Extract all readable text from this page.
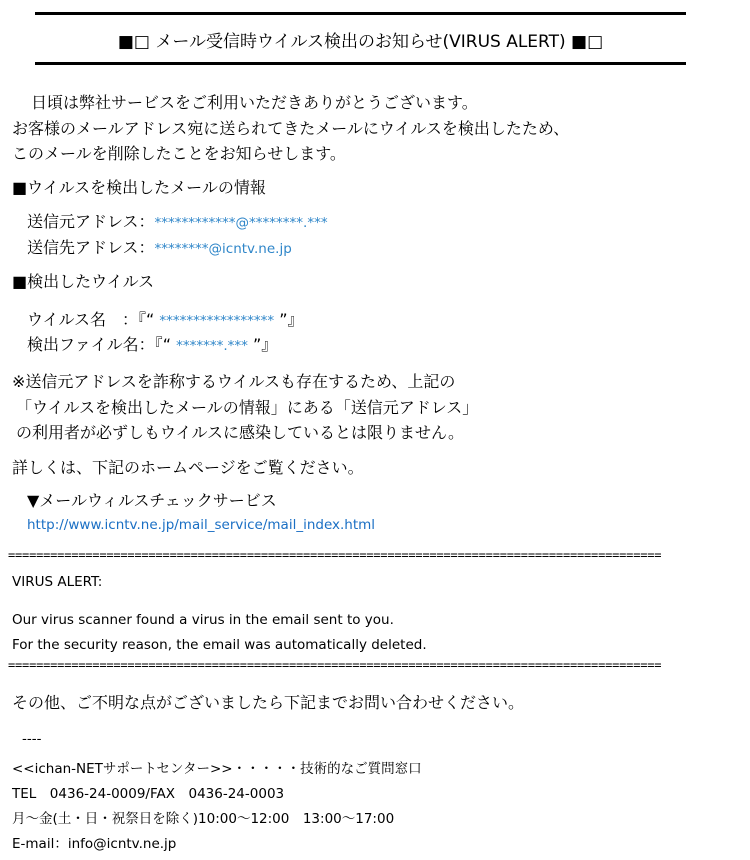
■□ メール受信時ウイルス検出のお知らせ(VIRUS ALERT) ■□
日頃は弊社サービスをご利用いただきありがとうございます。
お客様のメールアドレス宛に送られてきたメールにウイルスを検出したため、
このメールを削除したことをお知らせします。
■ウイルスを検出したメールの情報
送信元アドレス：************@********.***
送信先アドレス：********@icntv.ne.jp
■検出したウイルス
ウイルス名　：『“ ***************** ”』
検出ファイル名：『“ *******.*** ”』
※送信元アドレスを詐称するウイルスも存在するため、上記の
「ウイルスを検出したメールの情報」にある「送信元アドレス」
の利用者が必ずしもウイルスに感染しているとは限りません。
詳しくは、下記のホームページをご覧ください。
▼メールウィルスチェックサービス
http://www.icntv.ne.jp/mail_service/mail_index.html
=============================================================================================
VIRUS ALERT:
Our virus scanner found a virus in the email sent to you.
For the security reason, the email was automatically deleted.
=============================================================================================
その他、ご不明な点がございましたら下記までお問い合わせください。
----
<<ichan-NETサポートセンター>>・・・・・技術的なご質問窓口
TEL　0436-24-0009/FAX　0436-24-0003
月～金(土・日・祝祭日を除く)10:00～12:00　13:00～17:00
E-mail：info@icntv.ne.jp
